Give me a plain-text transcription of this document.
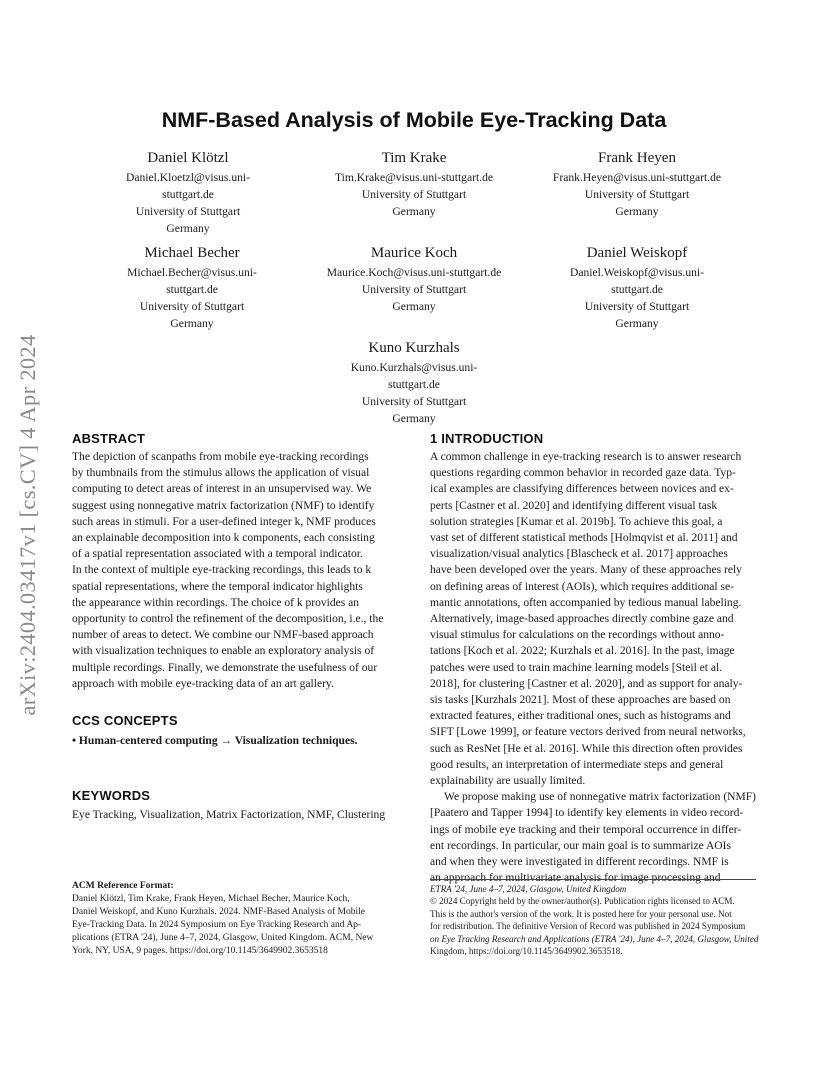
arXiv:2404.03417v1 [cs.CV] 4 Apr 2024
NMF-Based Analysis of Mobile Eye-Tracking Data
Daniel Klötzl
Daniel.Kloetzl@visus.uni-
stuttgart.de
University of Stuttgart
Germany
Tim Krake
Tim.Krake@visus.uni-stuttgart.de
University of Stuttgart
Germany
Frank Heyen
Frank.Heyen@visus.uni-stuttgart.de
University of Stuttgart
Germany
Michael Becher
Michael.Becher@visus.uni-
stuttgart.de
University of Stuttgart
Germany
Maurice Koch
Maurice.Koch@visus.uni-stuttgart.de
University of Stuttgart
Germany
Daniel Weiskopf
Daniel.Weiskopf@visus.uni-
stuttgart.de
University of Stuttgart
Germany
Kuno Kurzhals
Kuno.Kurzhals@visus.uni-
stuttgart.de
University of Stuttgart
Germany
ABSTRACT
The depiction of scanpaths from mobile eye-tracking recordings
by thumbnails from the stimulus allows the application of visual
computing to detect areas of interest in an unsupervised way. We
suggest using nonnegative matrix factorization (NMF) to identify
such areas in stimuli. For a user-defined integer k, NMF produces
an explainable decomposition into k components, each consisting
of a spatial representation associated with a temporal indicator.
In the context of multiple eye-tracking recordings, this leads to k
spatial representations, where the temporal indicator highlights
the appearance within recordings. The choice of k provides an
opportunity to control the refinement of the decomposition, i.e., the
number of areas to detect. We combine our NMF-based approach
with visualization techniques to enable an exploratory analysis of
multiple recordings. Finally, we demonstrate the usefulness of our
approach with mobile eye-tracking data of an art gallery.
CCS CONCEPTS
• Human-centered computing → Visualization techniques.
KEYWORDS
Eye Tracking, Visualization, Matrix Factorization, NMF, Clustering
ACM Reference Format:
Daniel Klötzl, Tim Krake, Frank Heyen, Michael Becher, Maurice Koch,
Daniel Weiskopf, and Kuno Kurzhals. 2024. NMF-Based Analysis of Mobile
Eye-Tracking Data. In 2024 Symposium on Eye Tracking Research and Ap-
plications (ETRA '24), June 4–7, 2024, Glasgow, United Kingdom. ACM, New
York, NY, USA, 9 pages. https://doi.org/10.1145/3649902.3653518
1 INTRODUCTION
A common challenge in eye-tracking research is to answer research
questions regarding common behavior in recorded gaze data. Typ-
ical examples are classifying differences between novices and ex-
perts [Castner et al. 2020] and identifying different visual task
solution strategies [Kumar et al. 2019b]. To achieve this goal, a
vast set of different statistical methods [Holmqvist et al. 2011] and
visualization/visual analytics [Blascheck et al. 2017] approaches
have been developed over the years. Many of these approaches rely
on defining areas of interest (AOIs), which requires additional se-
mantic annotations, often accompanied by tedious manual labeling.
Alternatively, image-based approaches directly combine gaze and
visual stimulus for calculations on the recordings without anno-
tations [Koch et al. 2022; Kurzhals et al. 2016]. In the past, image
patches were used to train machine learning models [Steil et al.
2018], for clustering [Castner et al. 2020], and as support for analy-
sis tasks [Kurzhals 2021]. Most of these approaches are based on
extracted features, either traditional ones, such as histograms and
SIFT [Lowe 1999], or feature vectors derived from neural networks,
such as ResNet [He et al. 2016]. While this direction often provides
good results, an interpretation of intermediate steps and general
explainability are usually limited.
We propose making use of nonnegative matrix factorization (NMF)
[Paatero and Tapper 1994] to identify key elements in video record-
ings of mobile eye tracking and their temporal occurrence in differ-
ent recordings. In particular, our main goal is to summarize AOIs
and when they were investigated in different recordings. NMF is
an approach for multivariate analysis for image processing and
ETRA '24, June 4–7, 2024, Glasgow, United Kingdom
© 2024 Copyright held by the owner/author(s). Publication rights licensed to ACM.
This is the author's version of the work. It is posted here for your personal use. Not
for redistribution. The definitive Version of Record was published in 2024 Symposium
on Eye Tracking Research and Applications (ETRA '24), June 4–7, 2024, Glasgow, United
Kingdom, https://doi.org/10.1145/3649902.3653518.
